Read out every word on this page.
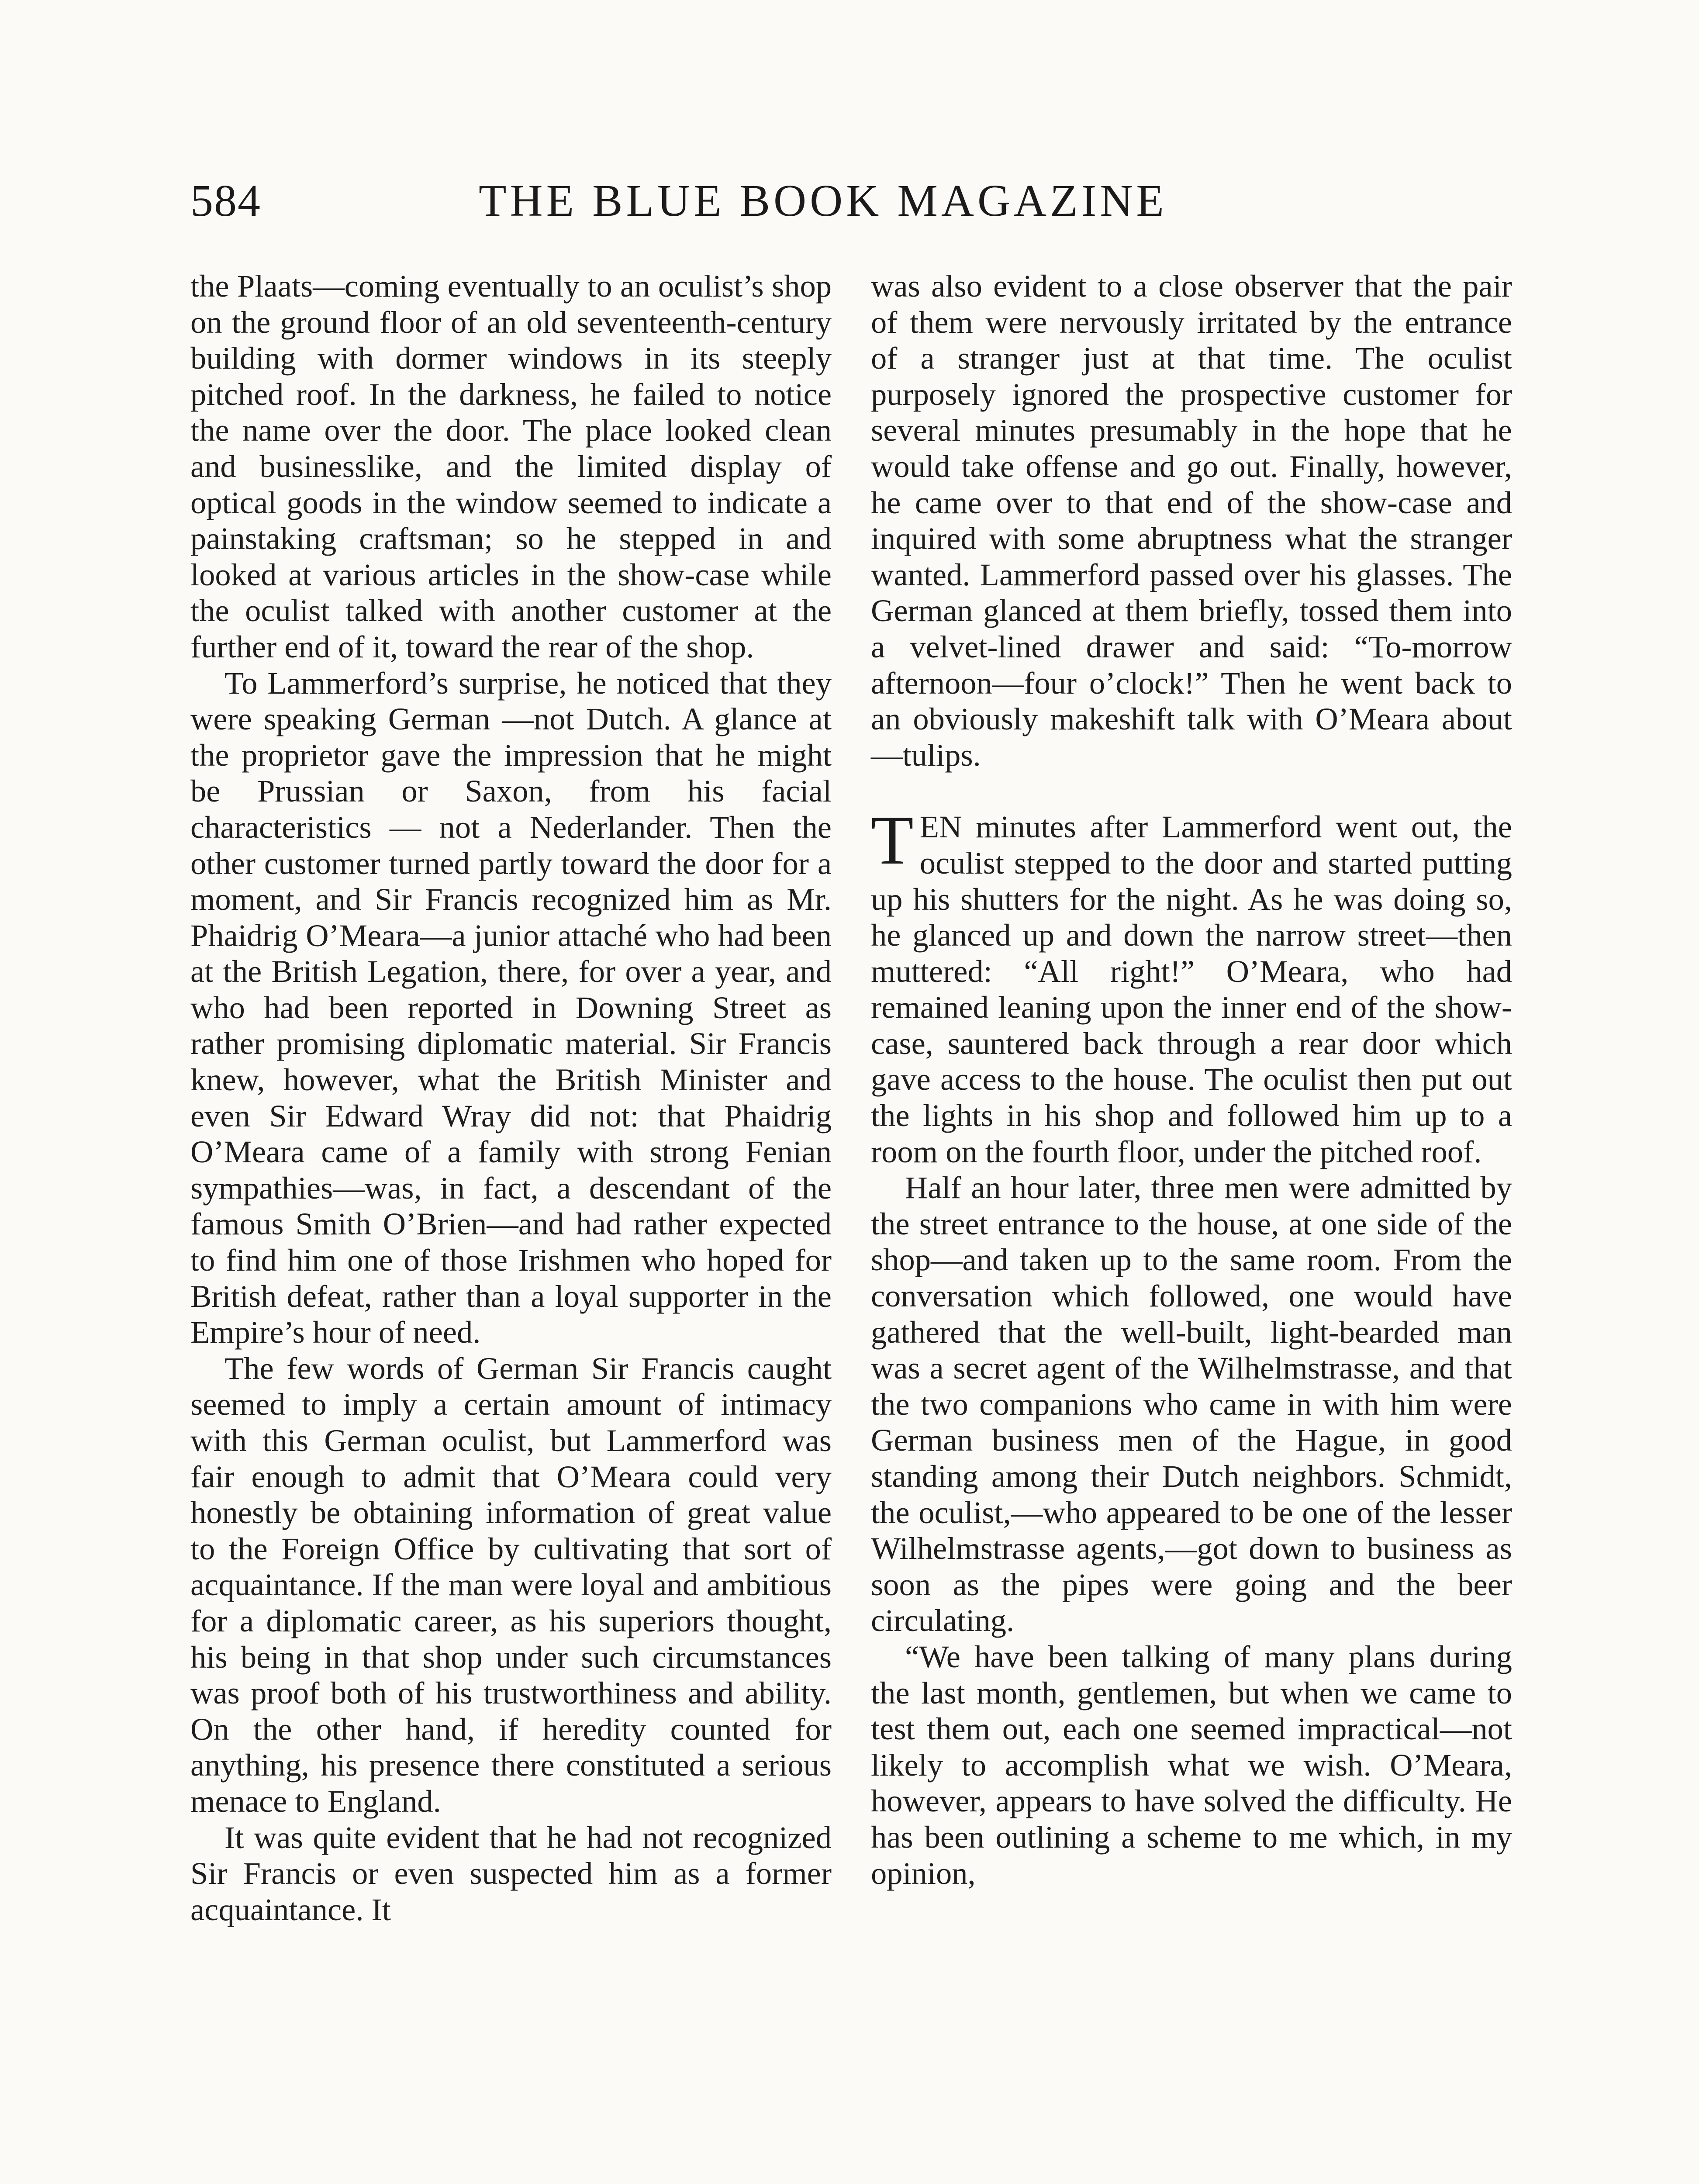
584	THE BLUE BOOK MAGAZINE

the Plaats—coming eventually to an oculist’s shop on the ground floor of an old seventeenth-century building with dormer windows in its steeply pitched roof. In the darkness, he failed to notice the name over the door. The place looked clean and businesslike, and the limited display of optical goods in the window seemed to indicate a painstaking craftsman; so he stepped in and looked at various articles in the show-case while the oculist talked with another customer at the further end of it, toward the rear of the shop.

To Lammerford’s surprise, he noticed that they were speaking German —not Dutch. A glance at the proprietor gave the impression that he might be Prussian or Saxon, from his facial characteristics — not a Nederlander. Then the other customer turned partly toward the door for a moment, and Sir Francis recognized him as Mr. Phaidrig O’Meara—a junior attaché who had been at the British Legation, there, for over a year, and who had been reported in Downing Street as rather promising diplomatic material. Sir Francis knew, however, what the British Minister and even Sir Edward Wray did not: that Phaidrig O’Meara came of a family with strong Fenian sympathies—was, in fact, a descendant of the famous Smith O’Brien—and had rather expected to find him one of those Irishmen who hoped for British defeat, rather than a loyal supporter in the Empire’s hour of need.

The few words of German Sir Francis caught seemed to imply a certain amount of intimacy with this German oculist, but Lammerford was fair enough to admit that O’Meara could very honestly be obtaining information of great value to the Foreign Office by cultivating that sort of acquaintance. If the man were loyal and ambitious for a diplomatic career, as his superiors thought, his being in that shop under such circumstances was proof both of his trustworthiness and ability. On the other hand, if heredity counted for anything, his presence there constituted a serious menace to England.

It was quite evident that he had not recognized Sir Francis or even suspected him as a former acquaintance. It

was also evident to a close observer that the pair of them were nervously irritated by the entrance of a stranger just at that time. The oculist purposely ignored the prospective customer for several minutes presumably in the hope that he would take offense and go out. Finally, however, he came over to that end of the show-case and inquired with some abruptness what the stranger wanted. Lammerford passed over his glasses. The German glanced at them briefly, tossed them into a velvet-lined drawer and said: “To-morrow afternoon—four o’clock!” Then he went back to an obviously makeshift talk with O’Meara about—tulips.

TEN minutes after Lammerford went out, the oculist stepped to the door and started putting up his shutters for the night. As he was doing so, he glanced up and down the narrow street—then muttered: “All right!” O’Meara, who had remained leaning upon the inner end of the show-case, sauntered back through a rear door which gave access to the house. The oculist then put out the lights in his shop and followed him up to a room on the fourth floor, under the pitched roof.

Half an hour later, three men were admitted by the street entrance to the house, at one side of the shop—and taken up to the same room. From the conversation which followed, one would have gathered that the well-built, light-bearded man was a secret agent of the Wilhelmstrasse, and that the two companions who came in with him were German business men of the Hague, in good standing among their Dutch neighbors. Schmidt, the oculist,—who appeared to be one of the lesser Wilhelmstrasse agents,—got down to business as soon as the pipes were going and the beer circulating.

“We have been talking of many plans during the last month, gentlemen, but when we came to test them out, each one seemed impractical—not likely to accomplish what we wish. O’Meara, however, appears to have solved the difficulty. He has been outlining a scheme to me which, in my opinion,
